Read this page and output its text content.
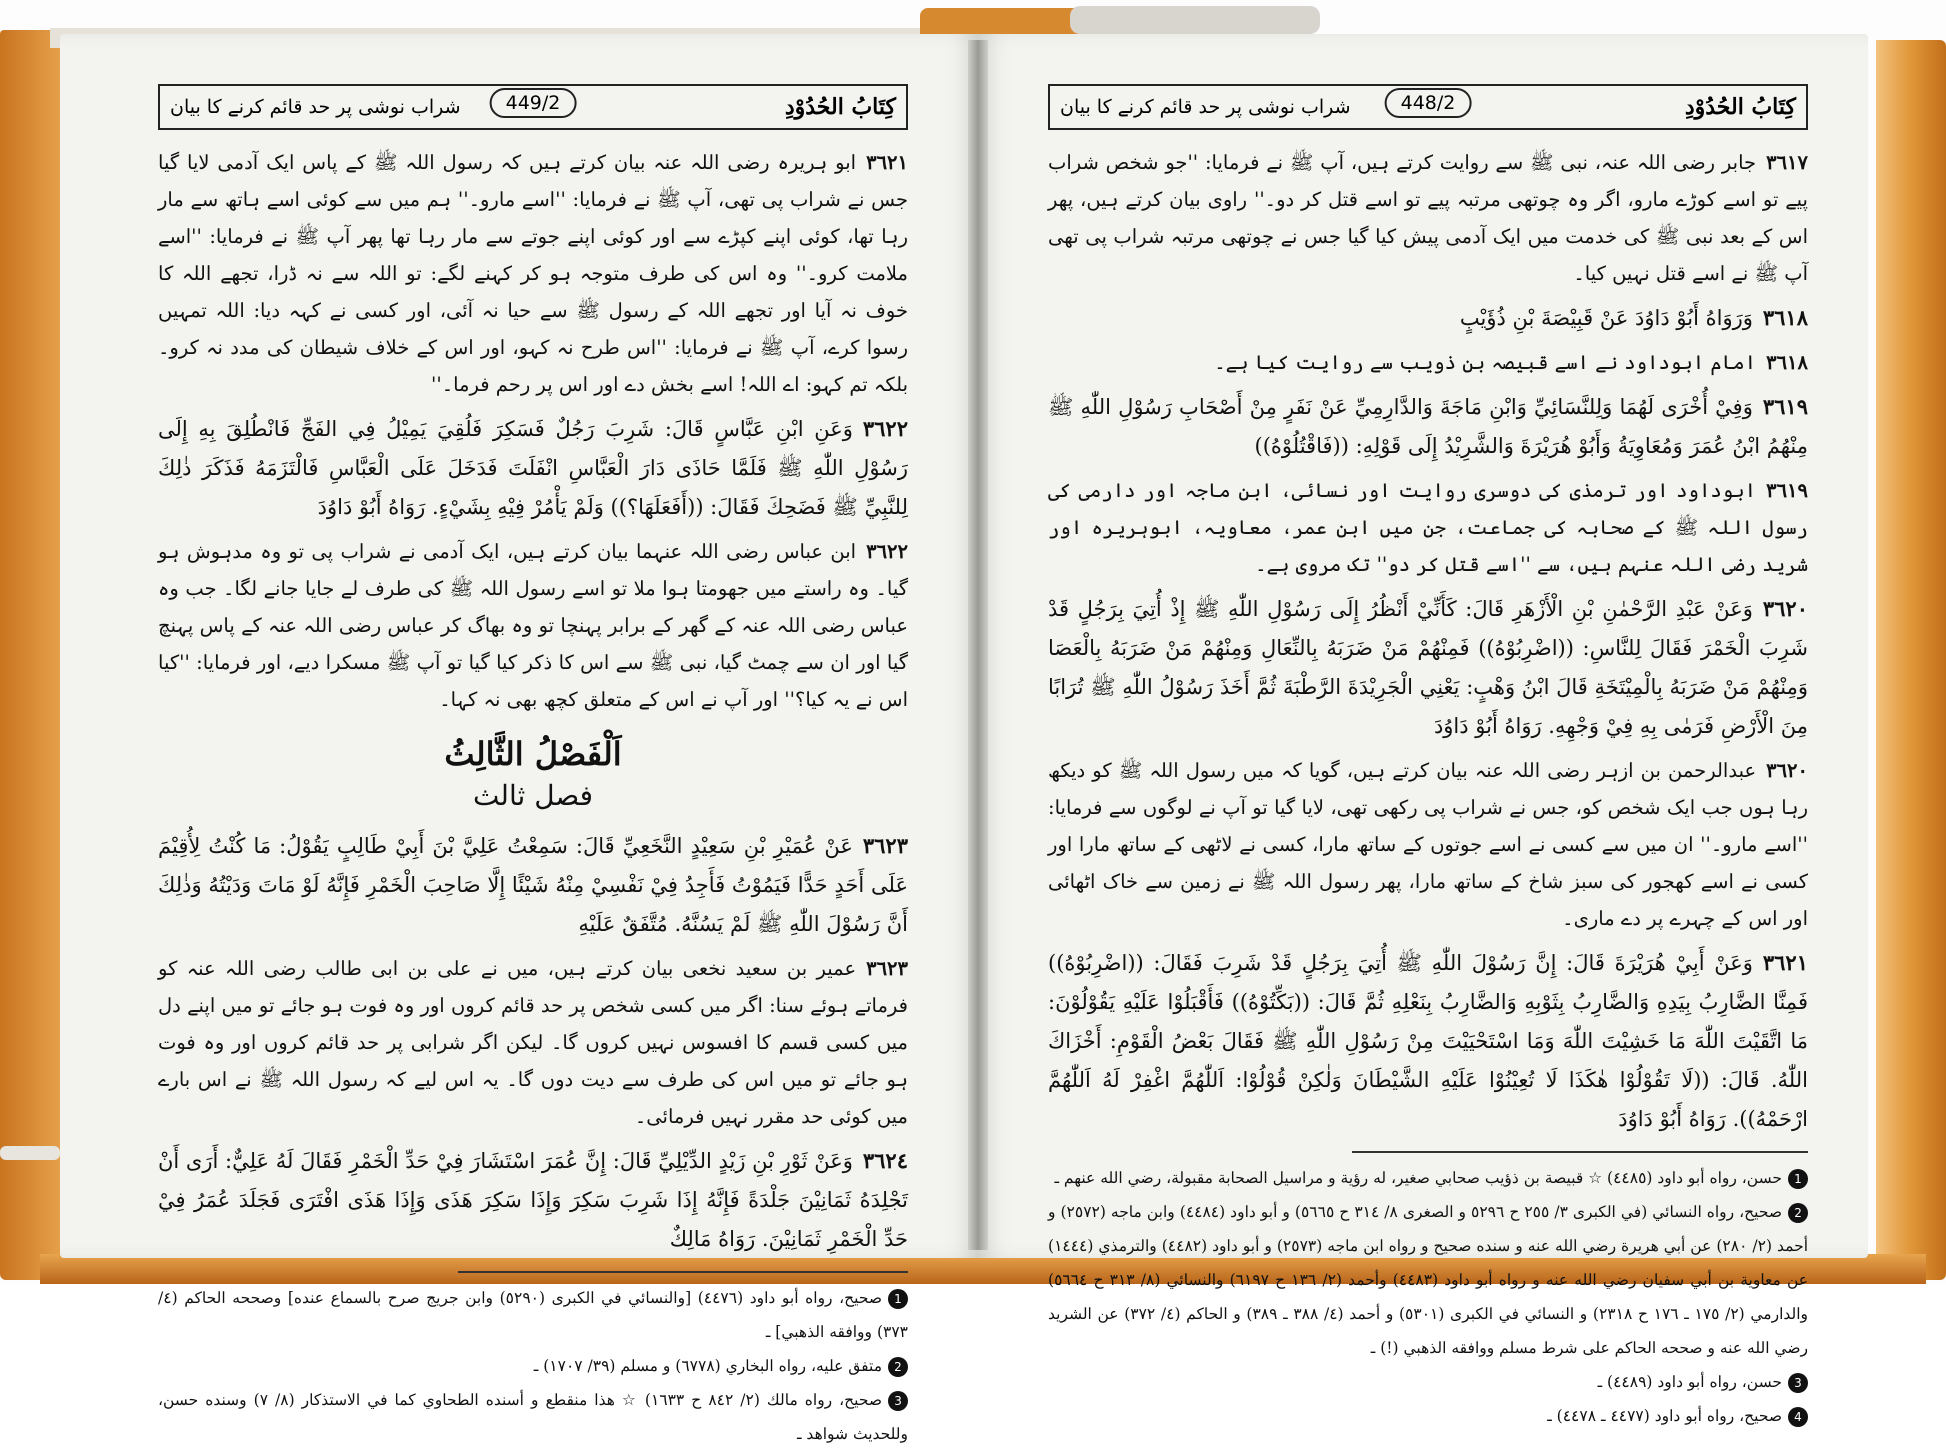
كِتَابُ الحُدُوْدِ
449/2
شراب نوشی پر حد قائم کرنے کا بیان

٣٦٢١ابو ہریرہ رضی اللہ عنہ بیان کرتے ہیں کہ رسول اللہ ﷺ کے پاس ایک آدمی لایا گیا جس نے شراب پی تھی، آپ ﷺ نے فرمایا: ''اسے مارو۔'' ہم میں سے کوئی اسے ہاتھ سے مار رہا تھا، کوئی اپنے کپڑے سے اور کوئی اپنے جوتے سے مار رہا تھا پھر آپ ﷺ نے فرمایا: ''اسے ملامت کرو۔'' وہ اس کی طرف متوجہ ہو کر کہنے لگے: تو اللہ سے نہ ڈرا، تجھے اللہ کا خوف نہ آیا اور تجھے اللہ کے رسول ﷺ سے حیا نہ آئی، اور کسی نے کہہ دیا: اللہ تمہیں رسوا کرے، آپ ﷺ نے فرمایا: ''اس طرح نہ کہو، اور اس کے خلاف شیطان کی مدد نہ کرو۔ بلکہ تم کہو: اے اللہ! اسے بخش دے اور اس پر رحم فرما۔''

٣٦٢٢وَعَنِ ابْنِ عَبَّاسٍ قَالَ: شَرِبَ رَجُلٌ فَسَكِرَ فَلُقِيَ يَمِيْلُ فِي الفَجِّ فَانْطُلِقَ بِهِ إِلَى رَسُوْلِ اللّٰهِ ﷺ فَلَمَّا حَاذَى دَارَ الْعَبَّاسِ انْفَلَتَ فَدَخَلَ عَلَى الْعَبَّاسِ فَالْتَزَمَهُ فَذَكَرَ ذٰلِكَ لِلنَّبِيِّ ﷺ فَضَحِكَ فَقَالَ: ((أَفَعَلَهَا؟)) وَلَمْ يَأْمُرْ فِيْهِ بِشَيْءٍ. رَوَاهُ أَبُوْ دَاوُدَ

٣٦٢٢ابن عباس رضی اللہ عنہما بیان کرتے ہیں، ایک آدمی نے شراب پی تو وہ مدہوش ہو گیا۔ وہ راستے میں جھومتا ہوا ملا تو اسے رسول اللہ ﷺ کی طرف لے جایا جانے لگا۔ جب وہ عباس رضی اللہ عنہ کے گھر کے برابر پہنچا تو وہ بھاگ کر عباس رضی اللہ عنہ کے پاس پہنچ گیا اور ان سے چمٹ گیا، نبی ﷺ سے اس کا ذکر کیا گیا تو آپ ﷺ مسکرا دیے، اور فرمایا: ''کیا اس نے یہ کیا؟'' اور آپ نے اس کے متعلق کچھ بھی نہ کہا۔

اَلْفَصْلُ الثَّالِثُ
فصل ثالث

٣٦٢٣عَنْ عُمَيْرِ بْنِ سَعِيْدٍ النَّخَعِيِّ قَالَ: سَمِعْتُ عَلِيَّ بْنَ أَبِيْ طَالِبٍ يَقُوْلُ: مَا كُنْتُ لِأُقِيْمَ عَلَى أَحَدٍ حَدًّا فَيَمُوْتُ فَأَجِدُ فِيْ نَفْسِيْ مِنْهُ شَيْئًا إِلَّا صَاحِبَ الْخَمْرِ فَإِنَّهُ لَوْ مَاتَ وَدَيْتُهُ وَذٰلِكَ أَنَّ رَسُوْلَ اللّٰهِ ﷺ لَمْ يَسُنَّهُ. مُتَّفَقٌ عَلَيْهِ

٣٦٢٣عمیر بن سعید نخعی بیان کرتے ہیں، میں نے علی بن ابی طالب رضی اللہ عنہ کو فرماتے ہوئے سنا: اگر میں کسی شخص پر حد قائم کروں اور وہ فوت ہو جائے تو میں اپنے دل میں کسی قسم کا افسوس نہیں کروں گا۔ لیکن اگر شرابی پر حد قائم کروں اور وہ فوت ہو جائے تو میں اس کی طرف سے دیت دوں گا۔ یہ اس لیے کہ رسول اللہ ﷺ نے اس بارے میں کوئی حد مقرر نہیں فرمائی۔

٣٦٢٤وَعَنْ ثَوْرِ بْنِ زَيْدٍ الدِّيْلِيِّ قَالَ: إِنَّ عُمَرَ اسْتَشَارَ فِيْ حَدِّ الْخَمْرِ فَقَالَ لَهُ عَلِيٌّ: أَرَى أَنْ تَجْلِدَهُ ثَمَانِيْنَ جَلْدَةً فَإِنَّهُ إِذَا شَرِبَ سَكِرَ وَإِذَا سَكِرَ هَذَى وَإِذَا هَذَى افْتَرَى فَجَلَدَ عُمَرُ فِيْ حَدِّ الْخَمْرِ ثَمَانِيْنَ. رَوَاهُ مَالِكٌ

1صحيح، رواه أبو داود (٤٤٧٦) [والنسائي في الكبرى (٥٢٩٠) وابن جريج صرح بالسماع عنده] وصححه الحاكم (٤/ ٣٧٣) ووافقه الذهبي] ـ
2متفق عليه، رواه البخاري (٦٧٧٨) و مسلم (٣٩/ ١٧٠٧) ـ
3صحيح، رواه مالك (٢/ ٨٤٢ ح ١٦٣٣) ☆ هذا منقطع و أسنده الطحاوي كما في الاستذكار (٨/ ٧) وسنده حسن، وللحديث شواهد ـ
كِتَابُ الحُدُوْدِ
448/2
شراب نوشی پر حد قائم کرنے کا بیان

٣٦١٧جابر رضی اللہ عنہ، نبی ﷺ سے روایت کرتے ہیں، آپ ﷺ نے فرمایا: ''جو شخص شراب پیے تو اسے کوڑے مارو، اگر وہ چوتھی مرتبہ پیے تو اسے قتل کر دو۔'' راوی بیان کرتے ہیں، پھر اس کے بعد نبی ﷺ کی خدمت میں ایک آدمی پیش کیا گیا جس نے چوتھی مرتبہ شراب پی تھی آپ ﷺ نے اسے قتل نہیں کیا۔

٣٦١٨وَرَوَاهُ أَبُوْ دَاوُدَ عَنْ قَبِيْصَةَ بْنِ ذُؤَيْبٍ

٣٦١٨امام ابوداود نے اسے قبیصہ بن ذویب سے روایت کیا ہے۔

٣٦١٩وَفِيْ أُخْرَى لَهُمَا وَلِلنَّسَائِيِّ وَابْنِ مَاجَةَ وَالدَّارِمِيِّ عَنْ نَفَرٍ مِنْ أَصْحَابِ رَسُوْلِ اللّٰهِ ﷺ مِنْهُمُ ابْنُ عُمَرَ وَمُعَاوِيَةُ وَأَبُوْ هُرَيْرَةَ وَالشَّرِيْدُ إِلَى قَوْلِهِ: ((فَاقْتُلُوْهُ))

٣٦١٩ابوداود اور ترمذی کی دوسری روایت اور نسائی، ابن ماجہ اور دارمی کی رسول اللہ ﷺ کے صحابہ کی جماعت، جن میں ابن عمر، معاویہ، ابوہریرہ اور شرید رضی اللہ عنہم ہیں، سے ''اسے قتل کر دو'' تک مروی ہے۔

٣٦٢٠وَعَنْ عَبْدِ الرَّحْمٰنِ بْنِ الْأَزْهَرِ قَالَ: كَأَنِّيْ أَنْظُرُ إِلَى رَسُوْلِ اللّٰهِ ﷺ إِذْ أُتِيَ بِرَجُلٍ قَدْ شَرِبَ الْخَمْرَ فَقَالَ لِلنَّاسِ: ((اضْرِبُوْهُ)) فَمِنْهُمْ مَنْ ضَرَبَهُ بِالنِّعَالِ وَمِنْهُمْ مَنْ ضَرَبَهُ بِالْعَصَا وَمِنْهُمْ مَنْ ضَرَبَهُ بِالْمِيْتَخَةِ قَالَ ابْنُ وَهْبٍ: يَعْنِي الْجَرِيْدَةَ الرَّطْبَةَ ثُمَّ أَخَذَ رَسُوْلُ اللّٰهِ ﷺ تُرَابًا مِنَ الْأَرْضِ فَرَمٰى بِهِ فِيْ وَجْهِهِ. رَوَاهُ أَبُوْ دَاوُدَ

٣٦٢٠عبدالرحمن بن ازہر رضی اللہ عنہ بیان کرتے ہیں، گویا کہ میں رسول اللہ ﷺ کو دیکھ رہا ہوں جب ایک شخص کو، جس نے شراب پی رکھی تھی، لایا گیا تو آپ نے لوگوں سے فرمایا: ''اسے مارو۔'' ان میں سے کسی نے اسے جوتوں کے ساتھ مارا، کسی نے لاٹھی کے ساتھ مارا اور کسی نے اسے کھجور کی سبز شاخ کے ساتھ مارا، پھر رسول اللہ ﷺ نے زمین سے خاک اٹھائی اور اس کے چہرے پر دے ماری۔

٣٦٢١وَعَنْ أَبِيْ هُرَيْرَةَ قَالَ: إِنَّ رَسُوْلَ اللّٰهِ ﷺ أُتِيَ بِرَجُلٍ قَدْ شَرِبَ فَقَالَ: ((اضْرِبُوْهُ)) فَمِنَّا الضَّارِبُ بِيَدِهِ وَالضَّارِبُ بِثَوْبِهِ وَالضَّارِبُ بِنَعْلِهِ ثُمَّ قَالَ: ((بَكِّتُوْهُ)) فَأَقْبَلُوْا عَلَيْهِ يَقُوْلُوْنَ: مَا اتَّقَيْتَ اللّٰهَ مَا خَشِيْتَ اللّٰهَ وَمَا اسْتَحْيَيْتَ مِنْ رَسُوْلِ اللّٰهِ ﷺ فَقَالَ بَعْضُ الْقَوْمِ: أَخْزَاكَ اللّٰهُ. قَالَ: ((لَا تَقُوْلُوْا هٰكَذَا لَا تُعِيْنُوْا عَلَيْهِ الشَّيْطَانَ وَلٰكِنْ قُوْلُوْا: اَللّٰهُمَّ اغْفِرْ لَهُ اَللّٰهُمَّ ارْحَمْهُ)). رَوَاهُ أَبُوْ دَاوُدَ

1حسن، رواه أبو داود (٤٤٨٥) ☆ قبيصة بن ذؤيب صحابي صغير، له رؤية و مراسيل الصحابة مقبولة، رضي الله عنهم ـ
2صحيح، رواه النسائي (في الكبرى ٣/ ٢٥٥ ح ٥٢٩٦ و الصغرى ٨/ ٣١٤ ح ٥٦٦٥) و أبو داود (٤٤٨٤) وابن ماجه (٢٥٧٢) و أحمد (٢/ ٢٨٠) عن أبي هريرة رضي الله عنه و سنده صحيح و رواه ابن ماجه (٢٥٧٣) و أبو داود (٤٤٨٢) والترمذي (١٤٤٤) عن معاوية بن أبي سفيان رضي الله عنه و رواه أبو داود (٤٤٨٣) وأحمد (٢/ ١٣٦ ح ٦١٩٧) والنسائي (٨/ ٣١٣ ح ٥٦٦٤) والدارمي (٢/ ١٧٥ ـ ١٧٦ ح ٢٣١٨) و النسائي في الكبرى (٥٣٠١) و أحمد (٤/ ٣٨٨ ـ ٣٨٩) و الحاكم (٤/ ٣٧٢) عن الشريد رضي الله عنه و صححه الحاكم على شرط مسلم ووافقه الذهبي (!) ـ
3حسن، رواه أبو داود (٤٤٨٩) ـ
4صحيح، رواه أبو داود (٤٤٧٧ ـ ٤٤٧٨) ـ
